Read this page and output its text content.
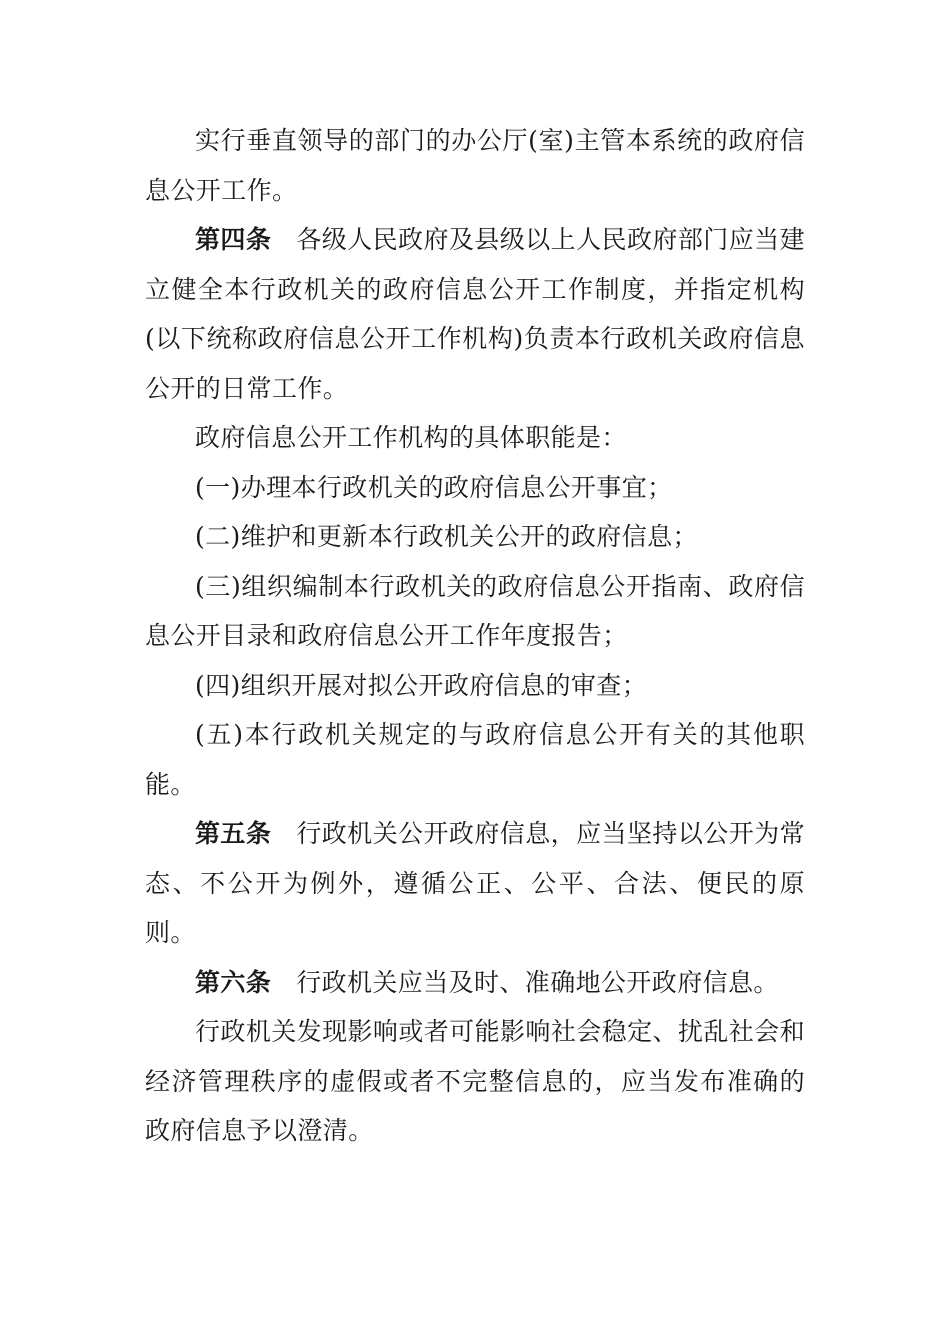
实行垂直领导的部门的办公厅(室)主管本系统的政府信息公开工作。

第四条 各级人民政府及县级以上人民政府部门应当建立健全本行政机关的政府信息公开工作制度，并指定机构(以下统称政府信息公开工作机构)负责本行政机关政府信息公开的日常工作。

政府信息公开工作机构的具体职能是：

(一)办理本行政机关的政府信息公开事宜；

(二)维护和更新本行政机关公开的政府信息；

(三)组织编制本行政机关的政府信息公开指南、政府信息公开目录和政府信息公开工作年度报告；

(四)组织开展对拟公开政府信息的审查；

(五)本行政机关规定的与政府信息公开有关的其他职能。

第五条 行政机关公开政府信息，应当坚持以公开为常态、不公开为例外，遵循公正、公平、合法、便民的原则。

第六条 行政机关应当及时、准确地公开政府信息。

行政机关发现影响或者可能影响社会稳定、扰乱社会和经济管理秩序的虚假或者不完整信息的，应当发布准确的政府信息予以澄清。
